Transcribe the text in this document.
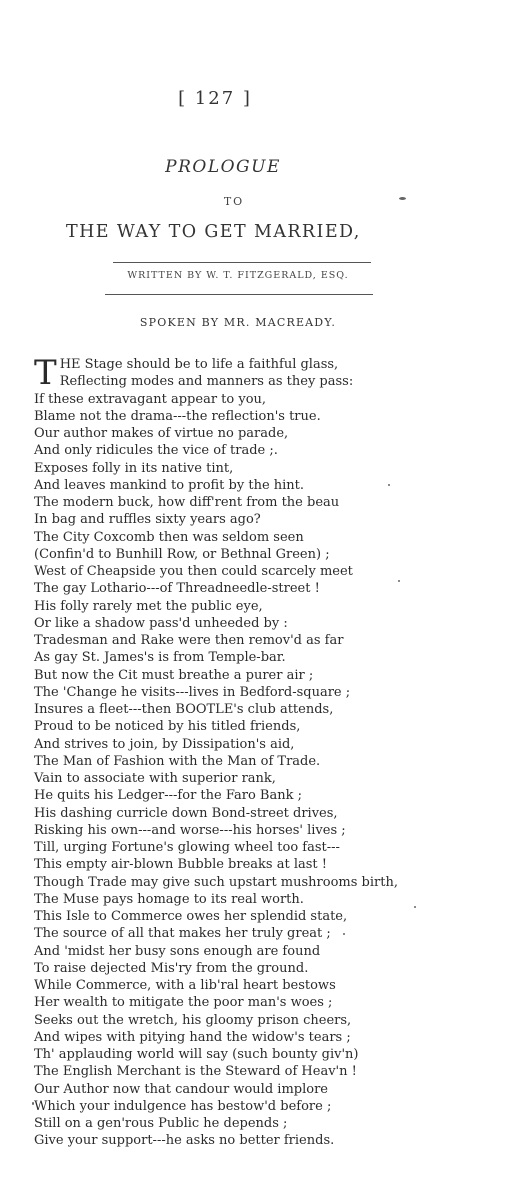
[ 127 ]
PROLOGUE
TO
THE WAY TO GET MARRIED,
WRITTEN BY W. T. FITZGERALD, ESQ.
SPOKEN BY MR. MACREADY.
THE Stage should be to life a faithful glass,
Reflecting modes and manners as they pass:
If these extravagant appear to you,
Blame not the drama---the reflection's true.
Our author makes of virtue no parade,
And only ridicules the vice of trade ;.
Exposes folly in its native tint,
And leaves mankind to profit by the hint.
The modern buck, how diff'rent from the beau
In bag and ruffles sixty years ago?
The City Coxcomb then was seldom seen
(Confin'd to Bunhill Row, or Bethnal Green) ;
West of Cheapside you then could scarcely meet
The gay Lothario---of Threadneedle-street !
His folly rarely met the public eye,
Or like a shadow pass'd unheeded by :
Tradesman and Rake were then remov'd as far
As gay St. James's is from Temple-bar.
But now the Cit must breathe a purer air ;
The 'Change he visits---lives in Bedford-square ;
Insures a fleet---then BOOTLE's club attends,
Proud to be noticed by his titled friends,
And strives to join, by Dissipation's aid,
The Man of Fashion with the Man of Trade.
Vain to associate with superior rank,
He quits his Ledger---for the Faro Bank ;
His dashing curricle down Bond-street drives,
Risking his own---and worse---his horses' lives ;
Till, urging Fortune's glowing wheel too fast---
This empty air-blown Bubble breaks at last !
Though Trade may give such upstart mushrooms birth,
The Muse pays homage to its real worth.
This Isle to Commerce owes her splendid state,
The source of all that makes her truly great ;
And 'midst her busy sons enough are found
To raise dejected Mis'ry from the ground.
While Commerce, with a lib'ral heart bestows
Her wealth to mitigate the poor man's woes ;
Seeks out the wretch, his gloomy prison cheers,
And wipes with pitying hand the widow's tears ;
Th' applauding world will say (such bounty giv'n)
The English Merchant is the Steward of Heav'n !
Our Author now that candour would implore
Which your indulgence has bestow'd before ;
Still on a gen'rous Public he depends ;
Give your support---he asks no better friends.
